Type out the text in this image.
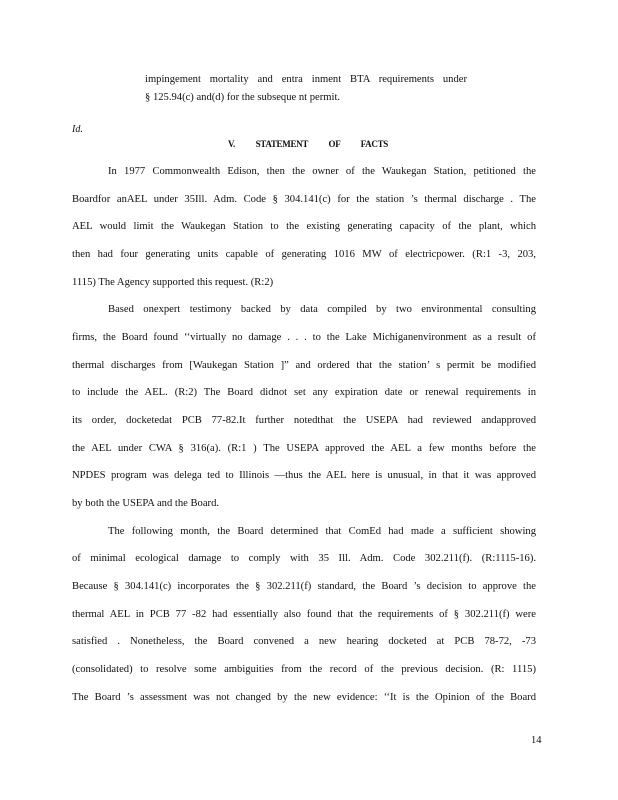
impingement mortality and entra inment BTA requirements under
§ 125.94(c) and(d) for the subseque nt permit.
Id.
V. STATEMENT OF FACTS
In 1977 Commonwealth Edison, then the owner of the Waukegan Station, petitioned the
Boardfor anAEL under 35Ill. Adm. Code § 304.141(c) for the station ’s thermal discharge . The
AEL would limit the Waukegan Station to the existing generating capacity of the plant, which
then had four generating units capable of generating 1016 MW of electricpower. (R:1 -3, 203,
1115) The Agency supported this request. (R:2)
Based onexpert testimony backed by data compiled by two environmental consulting
firms, the Board found ‘‘virtually no damage . . . to the Lake Michiganenvironment as a result of
thermal discharges from [Waukegan Station ]” and ordered that the station’ s permit be modified
to include the AEL. (R:2) The Board didnot set any expiration date or renewal requirements in
its order, docketedat PCB 77-82.It further notedthat the USEPA had reviewed andapproved
the AEL under CWA § 316(a). (R:1 ) The USEPA approved the AEL a few months before the
NPDES program was delega ted to Illinois —thus the AEL here is unusual, in that it was approved
by both the USEPA and the Board.
The following month, the Board determined that ComEd had made a sufficient showing
of minimal ecological damage to comply with 35 Ill. Adm. Code 302.211(f). (R:1115-16).
Because § 304.141(c) incorporates the § 302.211(f) standard, the Board ’s decision to approve the
thermal AEL in PCB 77 -82 had essentially also found that the requirements of § 302.211(f) were
satisfied . Nonetheless, the Board convened a new hearing docketed at PCB 78-72, -73
(consolidated) to resolve some ambiguities from the record of the previous decision. (R: 1115)
The Board ’s assessment was not changed by the new evidence: ‘‘It is the Opinion of the Board
14
